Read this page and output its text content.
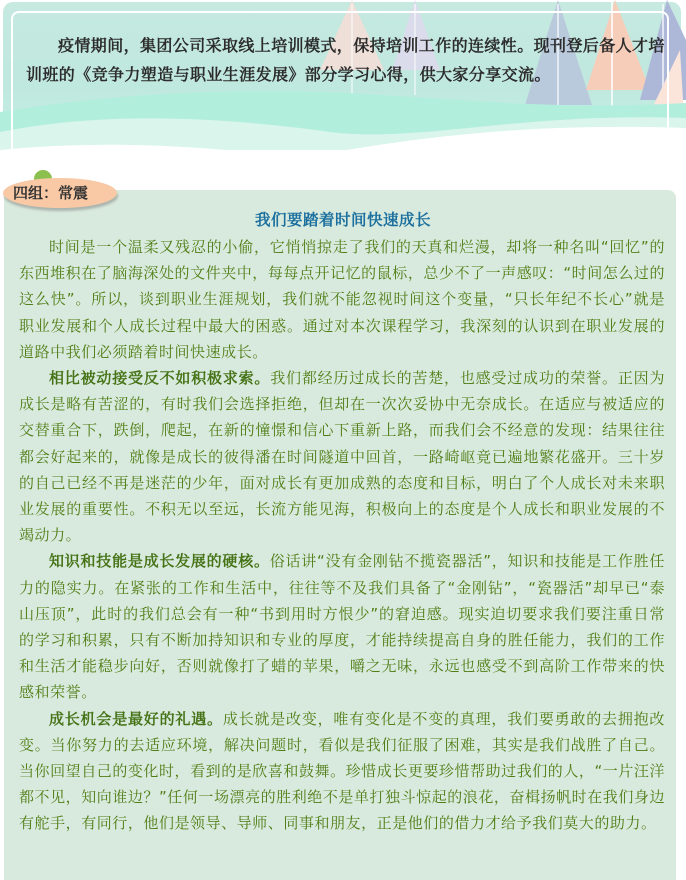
疫情期间，集团公司采取线上培训模式，保持培训工作的连续性。现刊登后备人才培训班的《竞争力塑造与职业生涯发展》部分学习心得，供大家分享交流。
四组：常震
我们要踏着时间快速成长

时间是一个温柔又残忍的小偷，它悄悄掠走了我们的天真和烂漫，却将一种名叫“回忆”的东西堆积在了脑海深处的文件夹中，每每点开记忆的鼠标，总少不了一声感叹：“时间怎么过的这么快”。所以，谈到职业生涯规划，我们就不能忽视时间这个变量，“只长年纪不长心”就是职业发展和个人成长过程中最大的困惑。通过对本次课程学习，我深刻的认识到在职业发展的道路中我们必须踏着时间快速成长。

相比被动接受反不如积极求索。我们都经历过成长的苦楚，也感受过成功的荣誉。正因为成长是略有苦涩的，有时我们会选择拒绝，但却在一次次妥协中无奈成长。在适应与被适应的交替重合下，跌倒，爬起，在新的憧憬和信心下重新上路，而我们会不经意的发现：结果往往都会好起来的，就像是成长的彼得潘在时间隧道中回首，一路崎岖竟已遍地繁花盛开。三十岁的自己已经不再是迷茫的少年，面对成长有更加成熟的态度和目标，明白了个人成长对未来职业发展的重要性。不积无以至远，长流方能见海，积极向上的态度是个人成长和职业发展的不竭动力。

知识和技能是成长发展的硬核。俗话讲“没有金刚钻不揽瓷器活”，知识和技能是工作胜任力的隐实力。在紧张的工作和生活中，往往等不及我们具备了“金刚钻”，“瓷器活”却早已“泰山压顶”，此时的我们总会有一种“书到用时方恨少”的窘迫感。现实迫切要求我们要注重日常的学习和积累，只有不断加持知识和专业的厚度，才能持续提高自身的胜任能力，我们的工作和生活才能稳步向好，否则就像打了蜡的苹果，嚼之无味，永远也感受不到高阶工作带来的快感和荣誉。

成长机会是最好的礼遇。成长就是改变，唯有变化是不变的真理，我们要勇敢的去拥抱改变。当你努力的去适应环境，解决问题时，看似是我们征服了困难，其实是我们战胜了自己。当你回望自己的变化时，看到的是欣喜和鼓舞。珍惜成长更要珍惜帮助过我们的人，“一片汪洋都不见，知向谁边？”任何一场漂亮的胜利绝不是单打独斗惊起的浪花，奋楫扬帆时在我们身边有舵手，有同行，他们是领导、导师、同事和朋友，正是他们的借力才给予我们莫大的助力。
